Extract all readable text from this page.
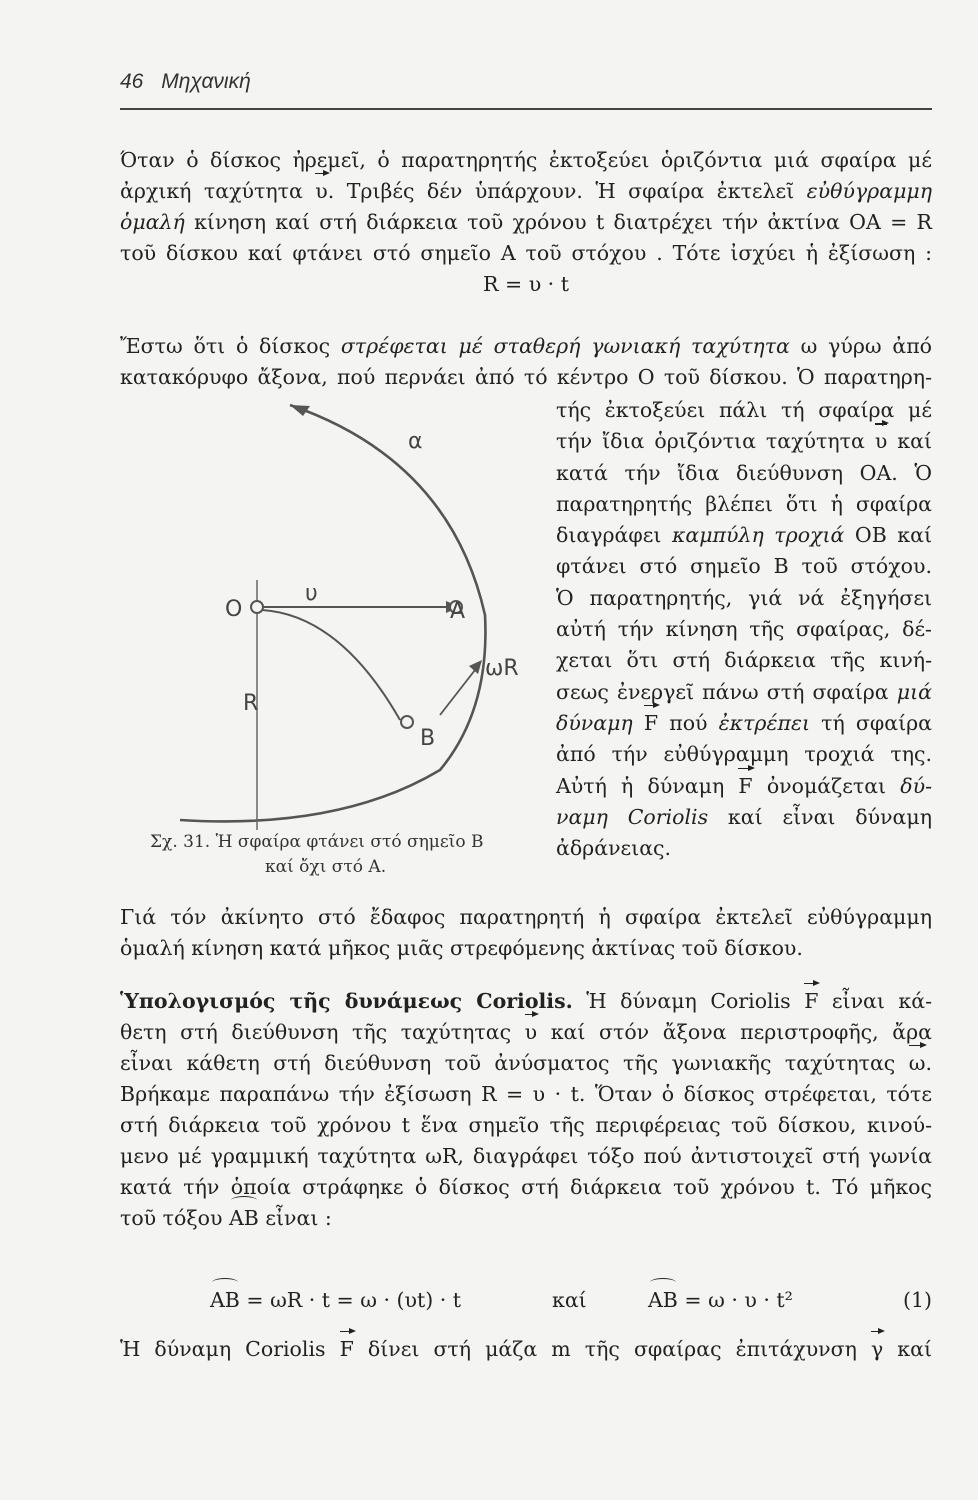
46 Μηχανική
Όταν ὁ δίσκος ἠρεμεῖ, ὁ παρατηρητής ἐκτοξεύει ὁριζόντια μιά σφαίρα μέ
ἀρχική ταχύτητα υ. Τριβές δέν ὑπάρχουν. Ἡ σφαίρα ἐκτελεῖ εὐθύγραμμη
ὁμαλή κίνηση καί στή διάρκεια τοῦ χρόνου t διατρέχει τήν ἀκτίνα ΟΑ = R
τοῦ δίσκου καί φτάνει στό σημεῖο Α τοῦ στόχου . Τότε ἰσχύει ἡ ἐξίσωση :
R = υ · t
Ἔστω ὅτι ὁ δίσκος στρέφεται μέ σταθερή γωνιακή ταχύτητα ω γύρω ἀπό
κατακόρυφο ἄξονα, πού περνάει ἀπό τό κέντρο Ο τοῦ δίσκου. Ὁ παρατηρη-
τής ἐκτοξεύει πάλι τή σφαίρα μέ
τήν ἴδια ὁριζόντια ταχύτητα υ καί
κατά τήν ἴδια διεύθυνση ΟΑ. Ὁ
παρατηρητής βλέπει ὅτι ἡ σφαίρα
διαγράφει καμπύλη τροχιά ΟΒ καί
φτάνει στό σημεῖο Β τοῦ στόχου.
Ὁ παρατηρητής, γιά νά ἐξηγήσει
αὐτή τήν κίνηση τῆς σφαίρας, δέ-
χεται ὅτι στή διάρκεια τῆς κινή-
σεως ἐνεργεῖ πάνω στή σφαίρα μιά
δύναμη F πού ἐκτρέπει τή σφαίρα
ἀπό τήν εὐθύγραμμη τροχιά της.
Αὐτή ἡ δύναμη F ὀνομάζεται δύ-
ναμη Coriolis καί εἶναι δύναμη
ἀδράνειας.
O
υ
A
α
ωR
R
B
Σχ. 31. Ἡ σφαίρα φτάνει στό σημεῖο Β
καί ὄχι στό Α.
Γιά τόν ἀκίνητο στό ἔδαφος παρατηρητή ἡ σφαίρα ἐκτελεῖ εὐθύγραμμη
ὁμαλή κίνηση κατά μῆκος μιᾶς στρεφόμενης ἀκτίνας τοῦ δίσκου.
Ὑπολογισμός τῆς δυνάμεως Coriolis. Ἡ δύναμη Coriolis F εἶναι κά-
θετη στή διεύθυνση τῆς ταχύτητας υ καί στόν ἄξονα περιστροφῆς, ἄρα
εἶναι κάθετη στή διεύθυνση τοῦ ἀνύσματος τῆς γωνιακῆς ταχύτητας ω.
Βρήκαμε παραπάνω τήν ἐξίσωση R = υ · t. Ὅταν ὁ δίσκος στρέφεται, τότε
στή διάρκεια τοῦ χρόνου t ἕνα σημεῖο τῆς περιφέρειας τοῦ δίσκου, κινού-
μενο μέ γραμμική ταχύτητα ωR, διαγράφει τόξο πού ἀντιστοιχεῖ στή γωνία
κατά τήν ὁποία στράφηκε ὁ δίσκος στή διάρκεια τοῦ χρόνου t. Τό μῆκος
τοῦ τόξου AB εἶναι :
AB = ωR · t = ω · (υt) · t	καί	AB = ω · υ · t²	(1)
Ἡ δύναμη Coriolis F δίνει στή μάζα m τῆς σφαίρας ἐπιτάχυνση γ καί
